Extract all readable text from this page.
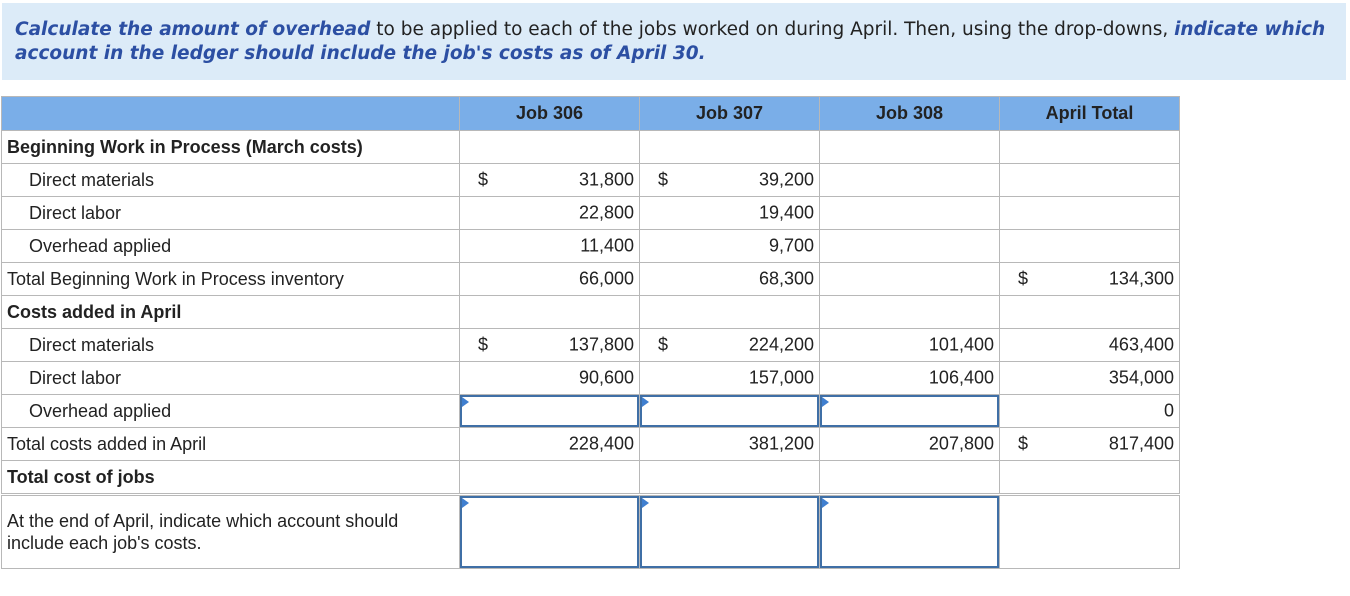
Calculate the amount of overhead to be applied to each of the jobs worked on during April. Then, using the drop-downs, indicate which account in the ledger should include the job's costs as of April 30.
	Job 306	Job 307	Job 308	April Total
Beginning Work in Process (March costs)				
Direct materials	$ 31,800	$ 39,200		

Direct labor	22,800	19,400		

Overhead applied	11,400	9,700		

Total Beginning Work in Process inventory	66,000	68,300		$ 134,300

Costs added in April				
Direct materials	$ 137,800	$ 224,200	101,400	463,400

Direct labor	90,600	157,000	106,400	354,000

Overhead applied				0

Total costs added in April	228,400	381,200	207,800	$ 817,400

Total cost of jobs				

At the end of April, indicate which account should include each job's costs.	
